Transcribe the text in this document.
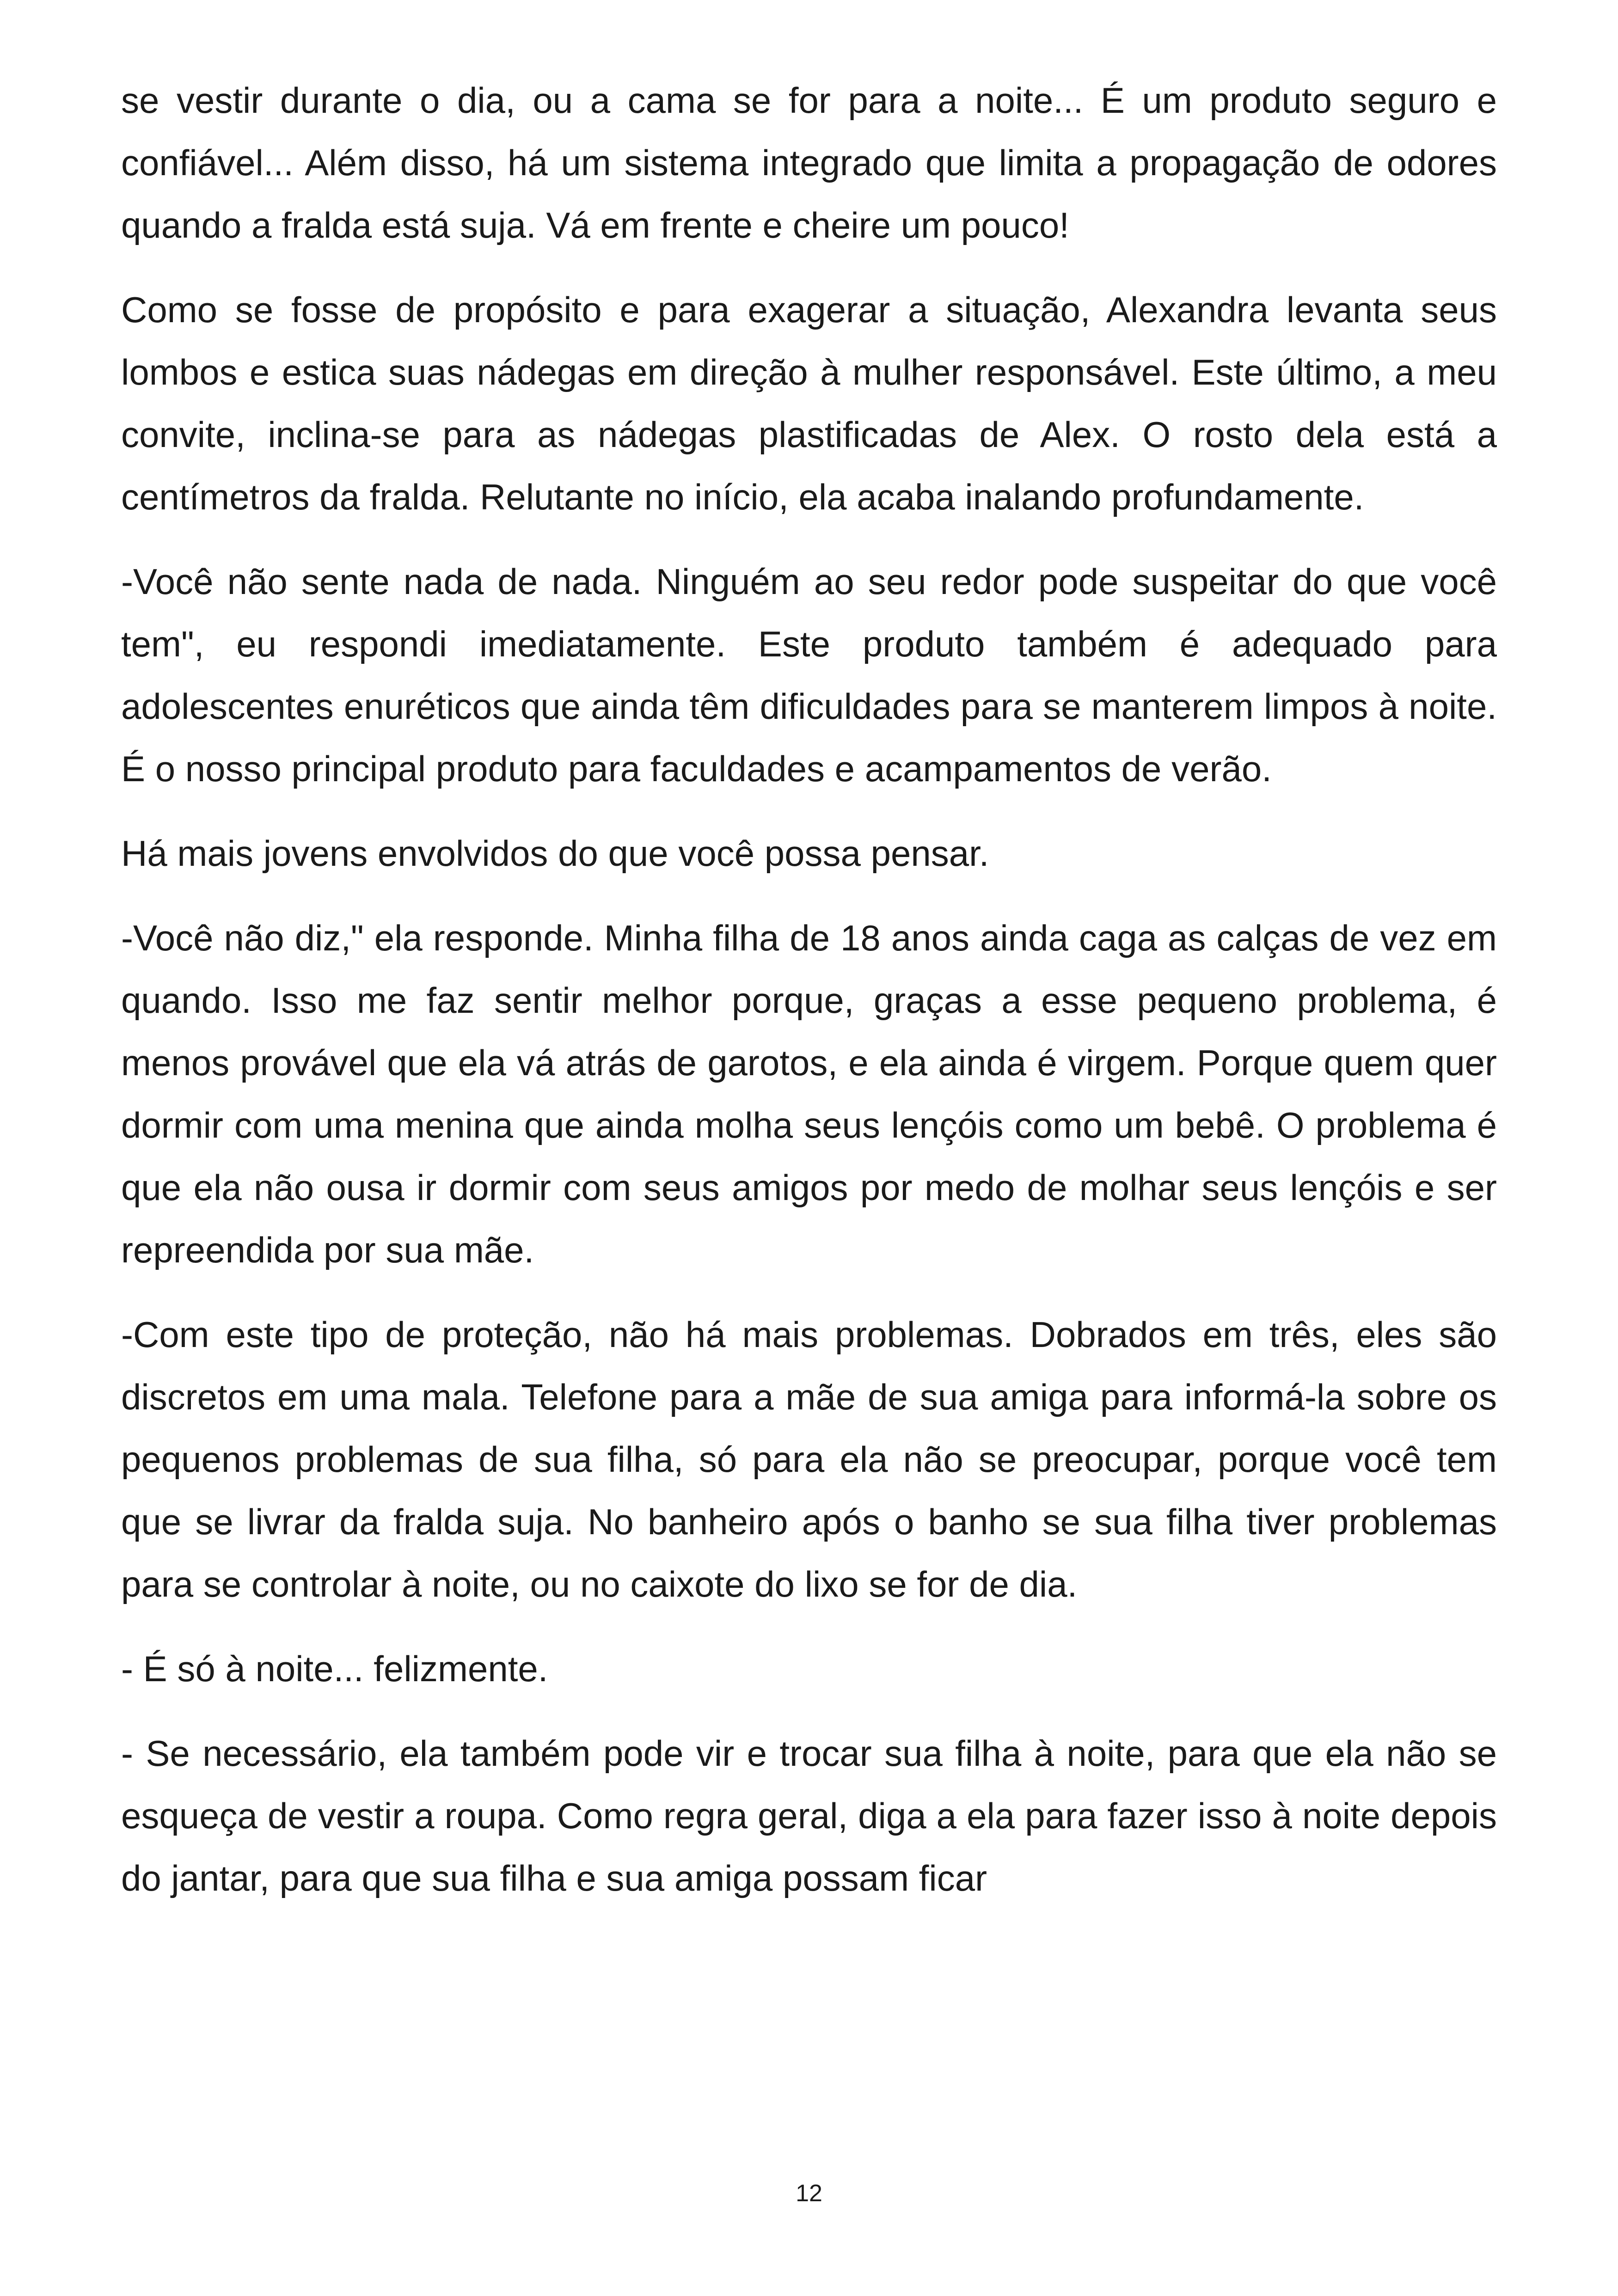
se vestir durante o dia, ou a cama se for para a noite... É um produto seguro e confiável... Além disso, há um sistema integrado que limita a propagação de odores quando a fralda está suja. Vá em frente e cheire um pouco!

Como se fosse de propósito e para exagerar a situação, Alexandra levanta seus lombos e estica suas nádegas em direção à mulher responsável. Este último, a meu convite, inclina-se para as nádegas plastificadas de Alex. O rosto dela está a centímetros da fralda. Relutante no início, ela acaba inalando profundamente.

-Você não sente nada de nada. Ninguém ao seu redor pode suspeitar do que você tem", eu respondi imediatamente. Este produto também é adequado para adolescentes enuréticos que ainda têm dificuldades para se manterem limpos à noite. É o nosso principal produto para faculdades e acampamentos de verão.

Há mais jovens envolvidos do que você possa pensar.

-Você não diz," ela responde. Minha filha de 18 anos ainda caga as calças de vez em quando. Isso me faz sentir melhor porque, graças a esse pequeno problema, é menos provável que ela vá atrás de garotos, e ela ainda é virgem. Porque quem quer dormir com uma menina que ainda molha seus lençóis como um bebê. O problema é que ela não ousa ir dormir com seus amigos por medo de molhar seus lençóis e ser repreendida por sua mãe.

-Com este tipo de proteção, não há mais problemas. Dobrados em três, eles são discretos em uma mala. Telefone para a mãe de sua amiga para informá-la sobre os pequenos problemas de sua filha, só para ela não se preocupar, porque você tem que se livrar da fralda suja. No banheiro após o banho se sua filha tiver problemas para se controlar à noite, ou no caixote do lixo se for de dia.

- É só à noite... felizmente.

- Se necessário, ela também pode vir e trocar sua filha à noite, para que ela não se esqueça de vestir a roupa. Como regra geral, diga a ela para fazer isso à noite depois do jantar, para que sua filha e sua amiga possam ficar

12
